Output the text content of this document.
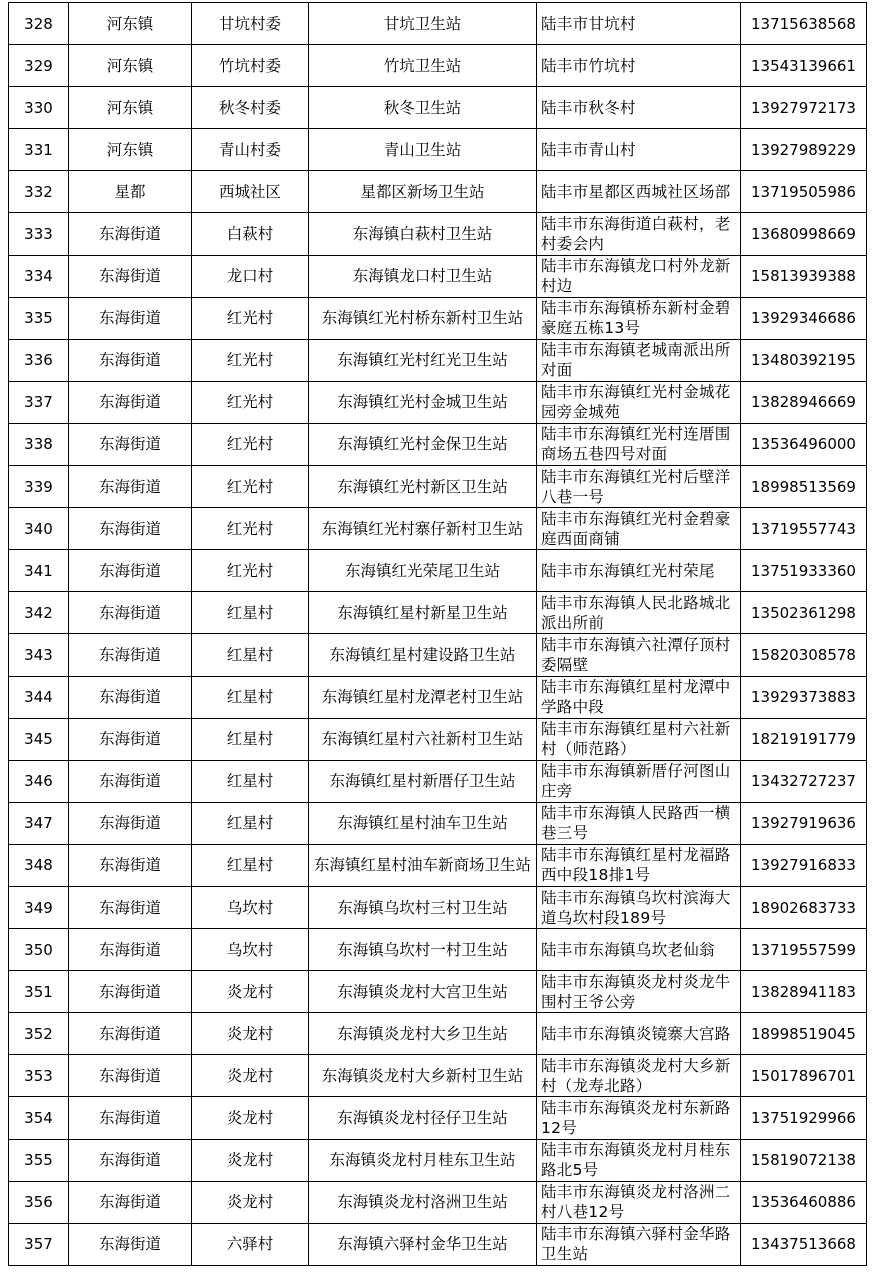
328	河东镇	甘坑村委	甘坑卫生站	陆丰市甘坑村	13715638568
329	河东镇	竹坑村委	竹坑卫生站	陆丰市竹坑村	13543139661
330	河东镇	秋冬村委	秋冬卫生站	陆丰市秋冬村	13927972173
331	河东镇	青山村委	青山卫生站	陆丰市青山村	13927989229
332	星都	西城社区	星都区新场卫生站	陆丰市星都区西城社区场部	13719505986
333	东海街道	白萩村	东海镇白萩村卫生站	陆丰市东海街道白萩村，老村委会内	13680998669
334	东海街道	龙口村	东海镇龙口村卫生站	陆丰市东海镇龙口村外龙新村边	15813939388
335	东海街道	红光村	东海镇红光村桥东新村卫生站	陆丰市东海镇桥东新村金碧豪庭五栋13号	13929346686
336	东海街道	红光村	东海镇红光村红光卫生站	陆丰市东海镇老城南派出所对面	13480392195
337	东海街道	红光村	东海镇红光村金城卫生站	陆丰市东海镇红光村金城花园旁金城苑	13828946669
338	东海街道	红光村	东海镇红光村金保卫生站	陆丰市东海镇红光村连厝围商场五巷四号对面	13536496000
339	东海街道	红光村	东海镇红光村新区卫生站	陆丰市东海镇红光村后壁洋八巷一号	18998513569
340	东海街道	红光村	东海镇红光村寨仔新村卫生站	陆丰市东海镇红光村金碧豪庭西面商铺	13719557743
341	东海街道	红光村	东海镇红光荣尾卫生站	陆丰市东海镇红光村荣尾	13751933360
342	东海街道	红星村	东海镇红星村新星卫生站	陆丰市东海镇人民北路城北派出所前	13502361298
343	东海街道	红星村	东海镇红星村建设路卫生站	陆丰市东海镇六社潭仔顶村委隔壁	15820308578
344	东海街道	红星村	东海镇红星村龙潭老村卫生站	陆丰市东海镇红星村龙潭中学路中段	13929373883
345	东海街道	红星村	东海镇红星村六社新村卫生站	陆丰市东海镇红星村六社新村（师范路）	18219191779
346	东海街道	红星村	东海镇红星村新厝仔卫生站	陆丰市东海镇新厝仔河图山庄旁	13432727237
347	东海街道	红星村	东海镇红星村油车卫生站	陆丰市东海镇人民路西一横巷三号	13927919636
348	东海街道	红星村	东海镇红星村油车新商场卫生站	陆丰市东海镇红星村龙福路西中段18排1号	13927916833
349	东海街道	乌坎村	东海镇乌坎村三村卫生站	陆丰市东海镇乌坎村滨海大道乌坎村段189号	18902683733
350	东海街道	乌坎村	东海镇乌坎村一村卫生站	陆丰市东海镇乌坎老仙翁	13719557599
351	东海街道	炎龙村	东海镇炎龙村大宫卫生站	陆丰市东海镇炎龙村炎龙牛围村王爷公旁	13828941183
352	东海街道	炎龙村	东海镇炎龙村大乡卫生站	陆丰市东海镇炎镜寨大宫路	18998519045
353	东海街道	炎龙村	东海镇炎龙村大乡新村卫生站	陆丰市东海镇炎龙村大乡新村（龙寿北路）	15017896701
354	东海街道	炎龙村	东海镇炎龙村径仔卫生站	陆丰市东海镇炎龙村东新路12号	13751929966
355	东海街道	炎龙村	东海镇炎龙村月桂东卫生站	陆丰市东海镇炎龙村月桂东路北5号	15819072138
356	东海街道	炎龙村	东海镇炎龙村洛洲卫生站	陆丰市东海镇炎龙村洛洲二村八巷12号	13536460886
357	东海街道	六驿村	东海镇六驿村金华卫生站	陆丰市东海镇六驿村金华路卫生站	13437513668
